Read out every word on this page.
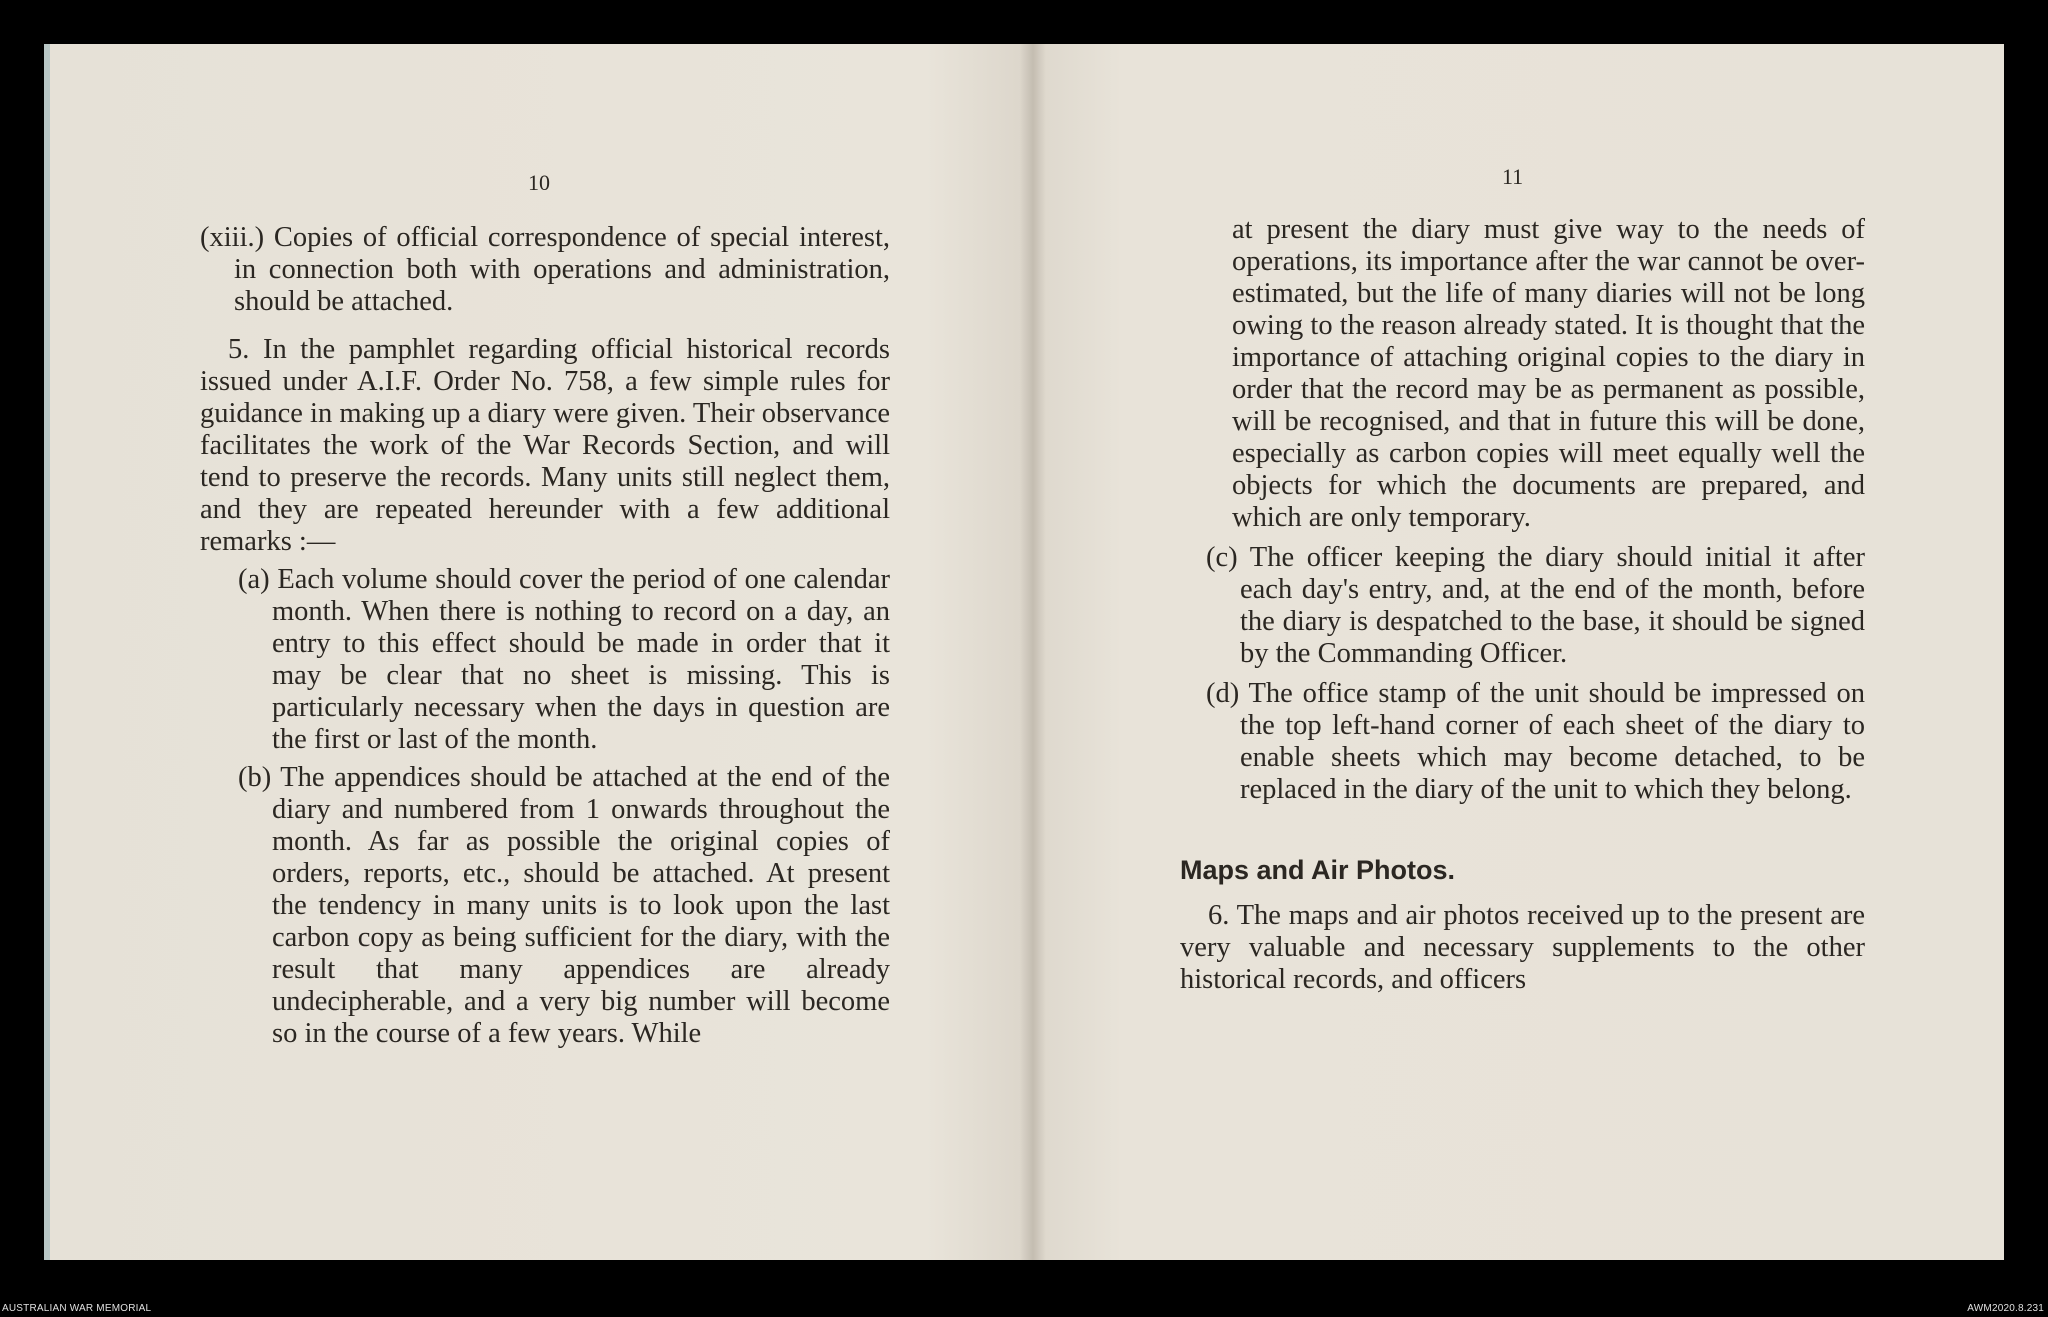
10

(xiii.) Copies of official correspondence of special interest, in connection both with operations and administration, should be attached.

5. In the pamphlet regarding official historical records issued under A.I.F. Order No. 758, a few simple rules for guidance in making up a diary were given. Their observance facilitates the work of the War Records Section, and will tend to preserve the records. Many units still neglect them, and they are repeated hereunder with a few additional remarks :—

(a) Each volume should cover the period of one calendar month. When there is nothing to record on a day, an entry to this effect should be made in order that it may be clear that no sheet is missing. This is particularly necessary when the days in question are the first or last of the month.

(b) The appendices should be attached at the end of the diary and numbered from 1 onwards throughout the month. As far as possible the original copies of orders, reports, etc., should be attached. At present the tendency in many units is to look upon the last carbon copy as being sufficient for the diary, with the result that many appendices are already undecipherable, and a very big number will become so in the course of a few years. While

11

at present the diary must give way to the needs of operations, its importance after the war cannot be over-estimated, but the life of many diaries will not be long owing to the reason already stated. It is thought that the importance of attaching original copies to the diary in order that the record may be as permanent as possible, will be recognised, and that in future this will be done, especially as carbon copies will meet equally well the objects for which the documents are prepared, and which are only temporary.

(c) The officer keeping the diary should initial it after each day's entry, and, at the end of the month, before the diary is despatched to the base, it should be signed by the Commanding Officer.

(d) The office stamp of the unit should be impressed on the top left-hand corner of each sheet of the diary to enable sheets which may become detached, to be replaced in the diary of the unit to which they belong.

Maps and Air Photos.

6. The maps and air photos received up to the present are very valuable and necessary supplements to the other historical records, and officers

AUSTRALIAN WAR MEMORIAL	AWM2020.8.231
